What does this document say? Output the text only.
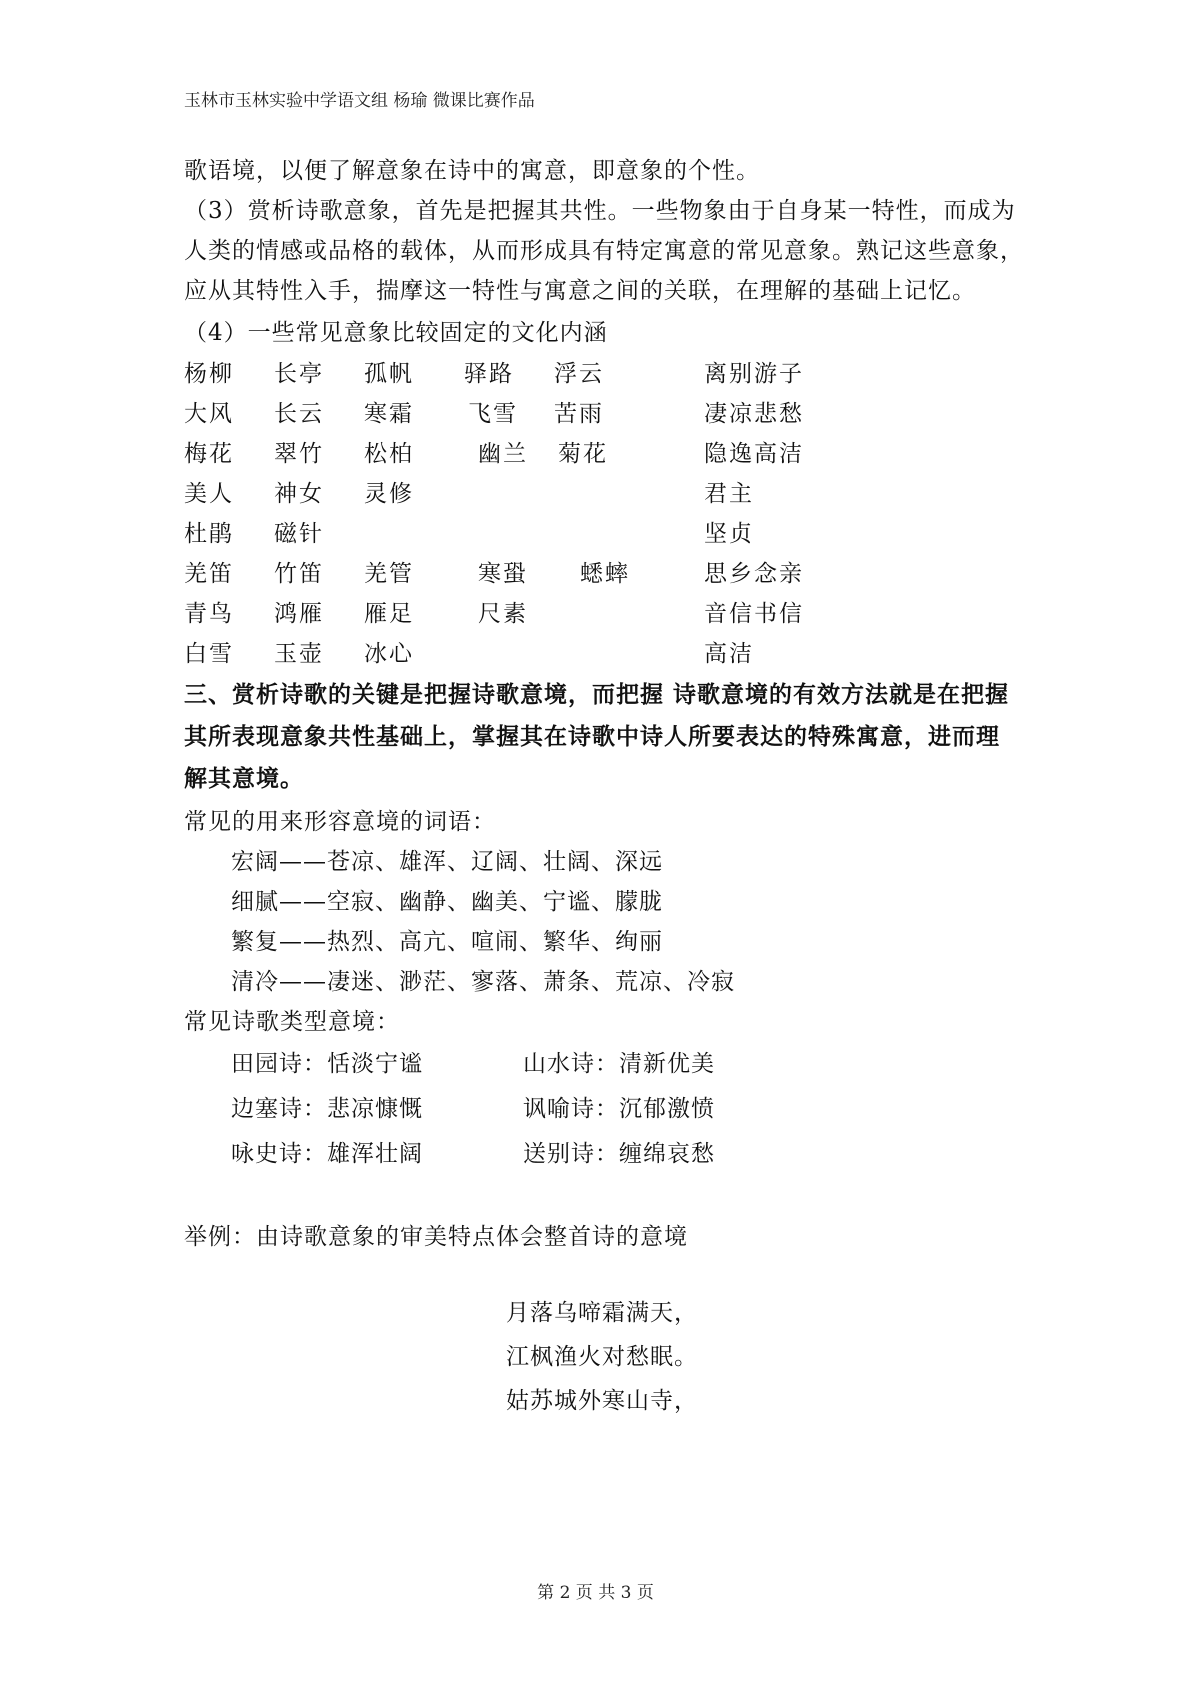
玉林市玉林实验中学语文组 杨瑜 微课比赛作品
歌语境，以便了解意象在诗中的寓意，即意象的个性。
（3）赏析诗歌意象，首先是把握其共性。一些物象由于自身某一特性，而成为
人类的情感或品格的载体，从而形成具有特定寓意的常见意象。熟记这些意象，
应从其特性入手，揣摩这一特性与寓意之间的关联，在理解的基础上记忆。
（4）一些常见意象比较固定的文化内涵
杨柳 长亭 孤帆 驿路 浮云	离别游子
大风 长云 寒霜 飞雪 苦雨	凄凉悲愁
梅花 翠竹 松柏	幽兰 菊花	隐逸高洁
美人 神女 灵修	君主
杜鹃 磁针	坚贞
羌笛 竹笛 羌管	寒蛩 蟋蟀	思乡念亲
青鸟 鸿雁 雁足	尺素	音信书信
白雪 玉壶 冰心	高洁
三、赏析诗歌的关键是把握诗歌意境，而把握 诗歌意境的有效方法就是在把握
其所表现意象共性基础上，掌握其在诗歌中诗人所要表达的特殊寓意，进而理
解其意境。
常见的用来形容意境的词语：
宏阔——苍凉、雄浑、辽阔、壮阔、深远
细腻——空寂、幽静、幽美、宁谧、朦胧
繁复——热烈、高亢、喧闹、繁华、绚丽
清冷——凄迷、渺茫、寥落、萧条、荒凉、冷寂
常见诗歌类型意境：
田园诗：恬淡宁谧	山水诗：清新优美
边塞诗：悲凉慷慨	讽喻诗：沉郁激愤
咏史诗：雄浑壮阔	送别诗：缠绵哀愁
举例：由诗歌意象的审美特点体会整首诗的意境
月落乌啼霜满天，
江枫渔火对愁眠。
姑苏城外寒山寺，
第 2 页 共 3 页
